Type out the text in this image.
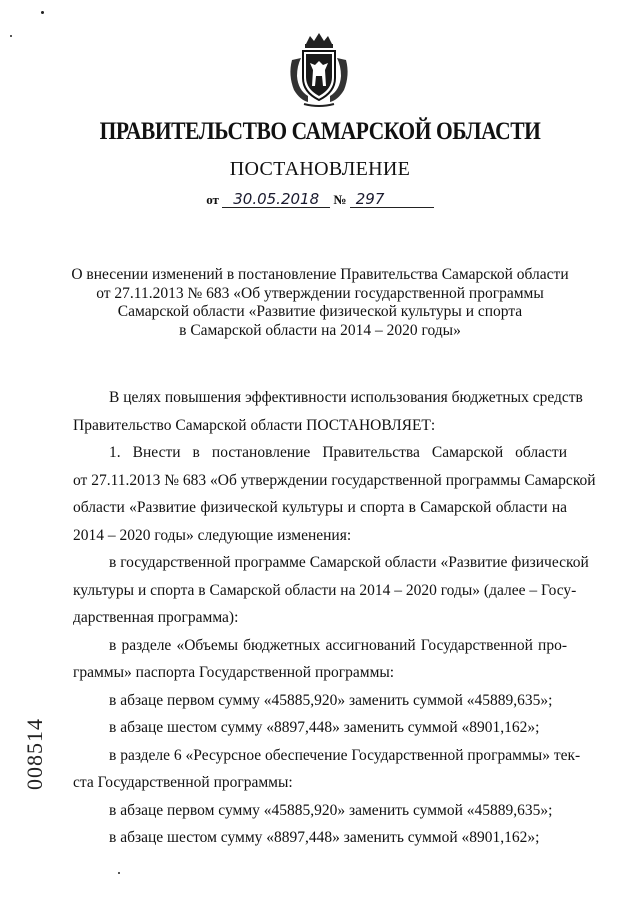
ПРАВИТЕЛЬСТВО САМАРСКОЙ ОБЛАСТИ
ПОСТАНОВЛЕНИЕ
от 30.05.2018 № 297
О внесении изменений в постановление Правительства Самарской области
от 27.11.2013 № 683 «Об утверждении государственной программы
Самарской области «Развитие физической культуры и спорта
в Самарской области на 2014 – 2020 годы»
В целях повышения эффективности использования бюджетных средств
Правительство Самарской области ПОСТАНОВЛЯЕТ:
1. Внести в постановление Правительства Самарской области
от 27.11.2013 № 683 «Об утверждении государственной программы Самарской
области «Развитие физической культуры и спорта в Самарской области на
2014 – 2020 годы» следующие изменения:
в государственной программе Самарской области «Развитие физической
культуры и спорта в Самарской области на 2014 – 2020 годы» (далее – Госу-
дарственная программа):
в разделе «Объемы бюджетных ассигнований Государственной про-
граммы» паспорта Государственной программы:
в абзаце первом сумму «45885,920» заменить суммой «45889,635»;
в абзаце шестом сумму «8897,448» заменить суммой «8901,162»;
в разделе 6 «Ресурсное обеспечение Государственной программы» тек-
ста Государственной программы:
в абзаце первом сумму «45885,920» заменить суммой «45889,635»;
в абзаце шестом сумму «8897,448» заменить суммой «8901,162»;
008514
